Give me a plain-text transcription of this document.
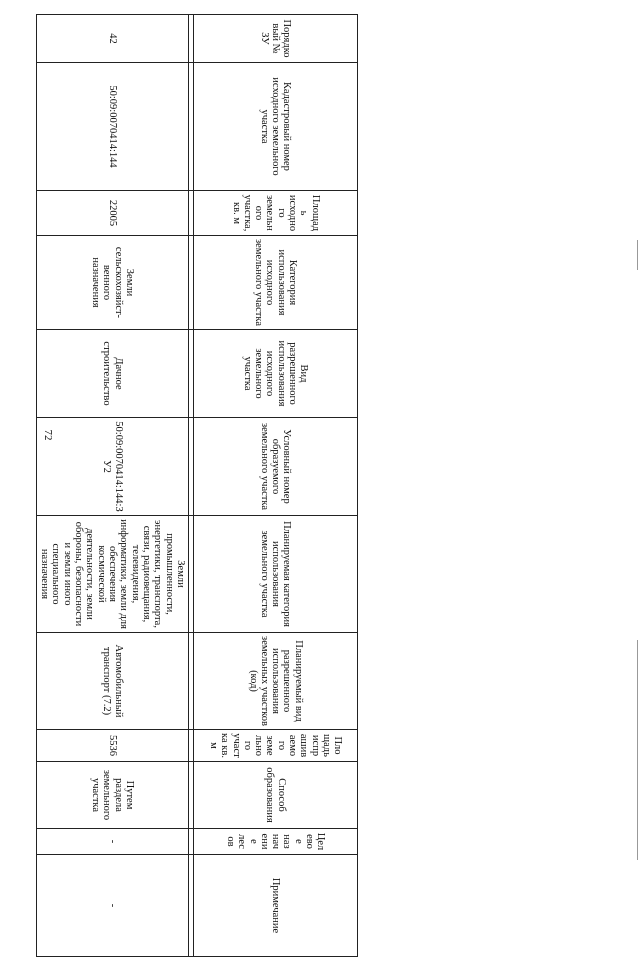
72
Порядковый № ЗУ	Кадастровый номер исходного земельного участка	Площадь исходного земельного участка, кв. м	Категория использования исходного земельного участка	Вид разрешенного использования исходного земельного участка	Условный номер образуемого земельного участка	Планируемая категория использования земельного участка	Планируемый вид разрешенного использования земельных участков (код)	Площадь испрашиваемого земельного участка кв. м	Способ образования	Целевое назначение лесов	Примечание

42	50:09:0070414:144	22005	Земли сельскохозяйст-венного назначения	Дачное строительство	50:09:0070414:144:ЗУ2	Земли промышленности, энергетики, транспорта, связи, радиовещания, телевидения, информатики, земли для обеспечения космической деятельности, земли обороны, безопасности и земли иного специального назначения	Автомобильный транспорт (7.2)	5536	Путем раздела земельного участка	-	-
